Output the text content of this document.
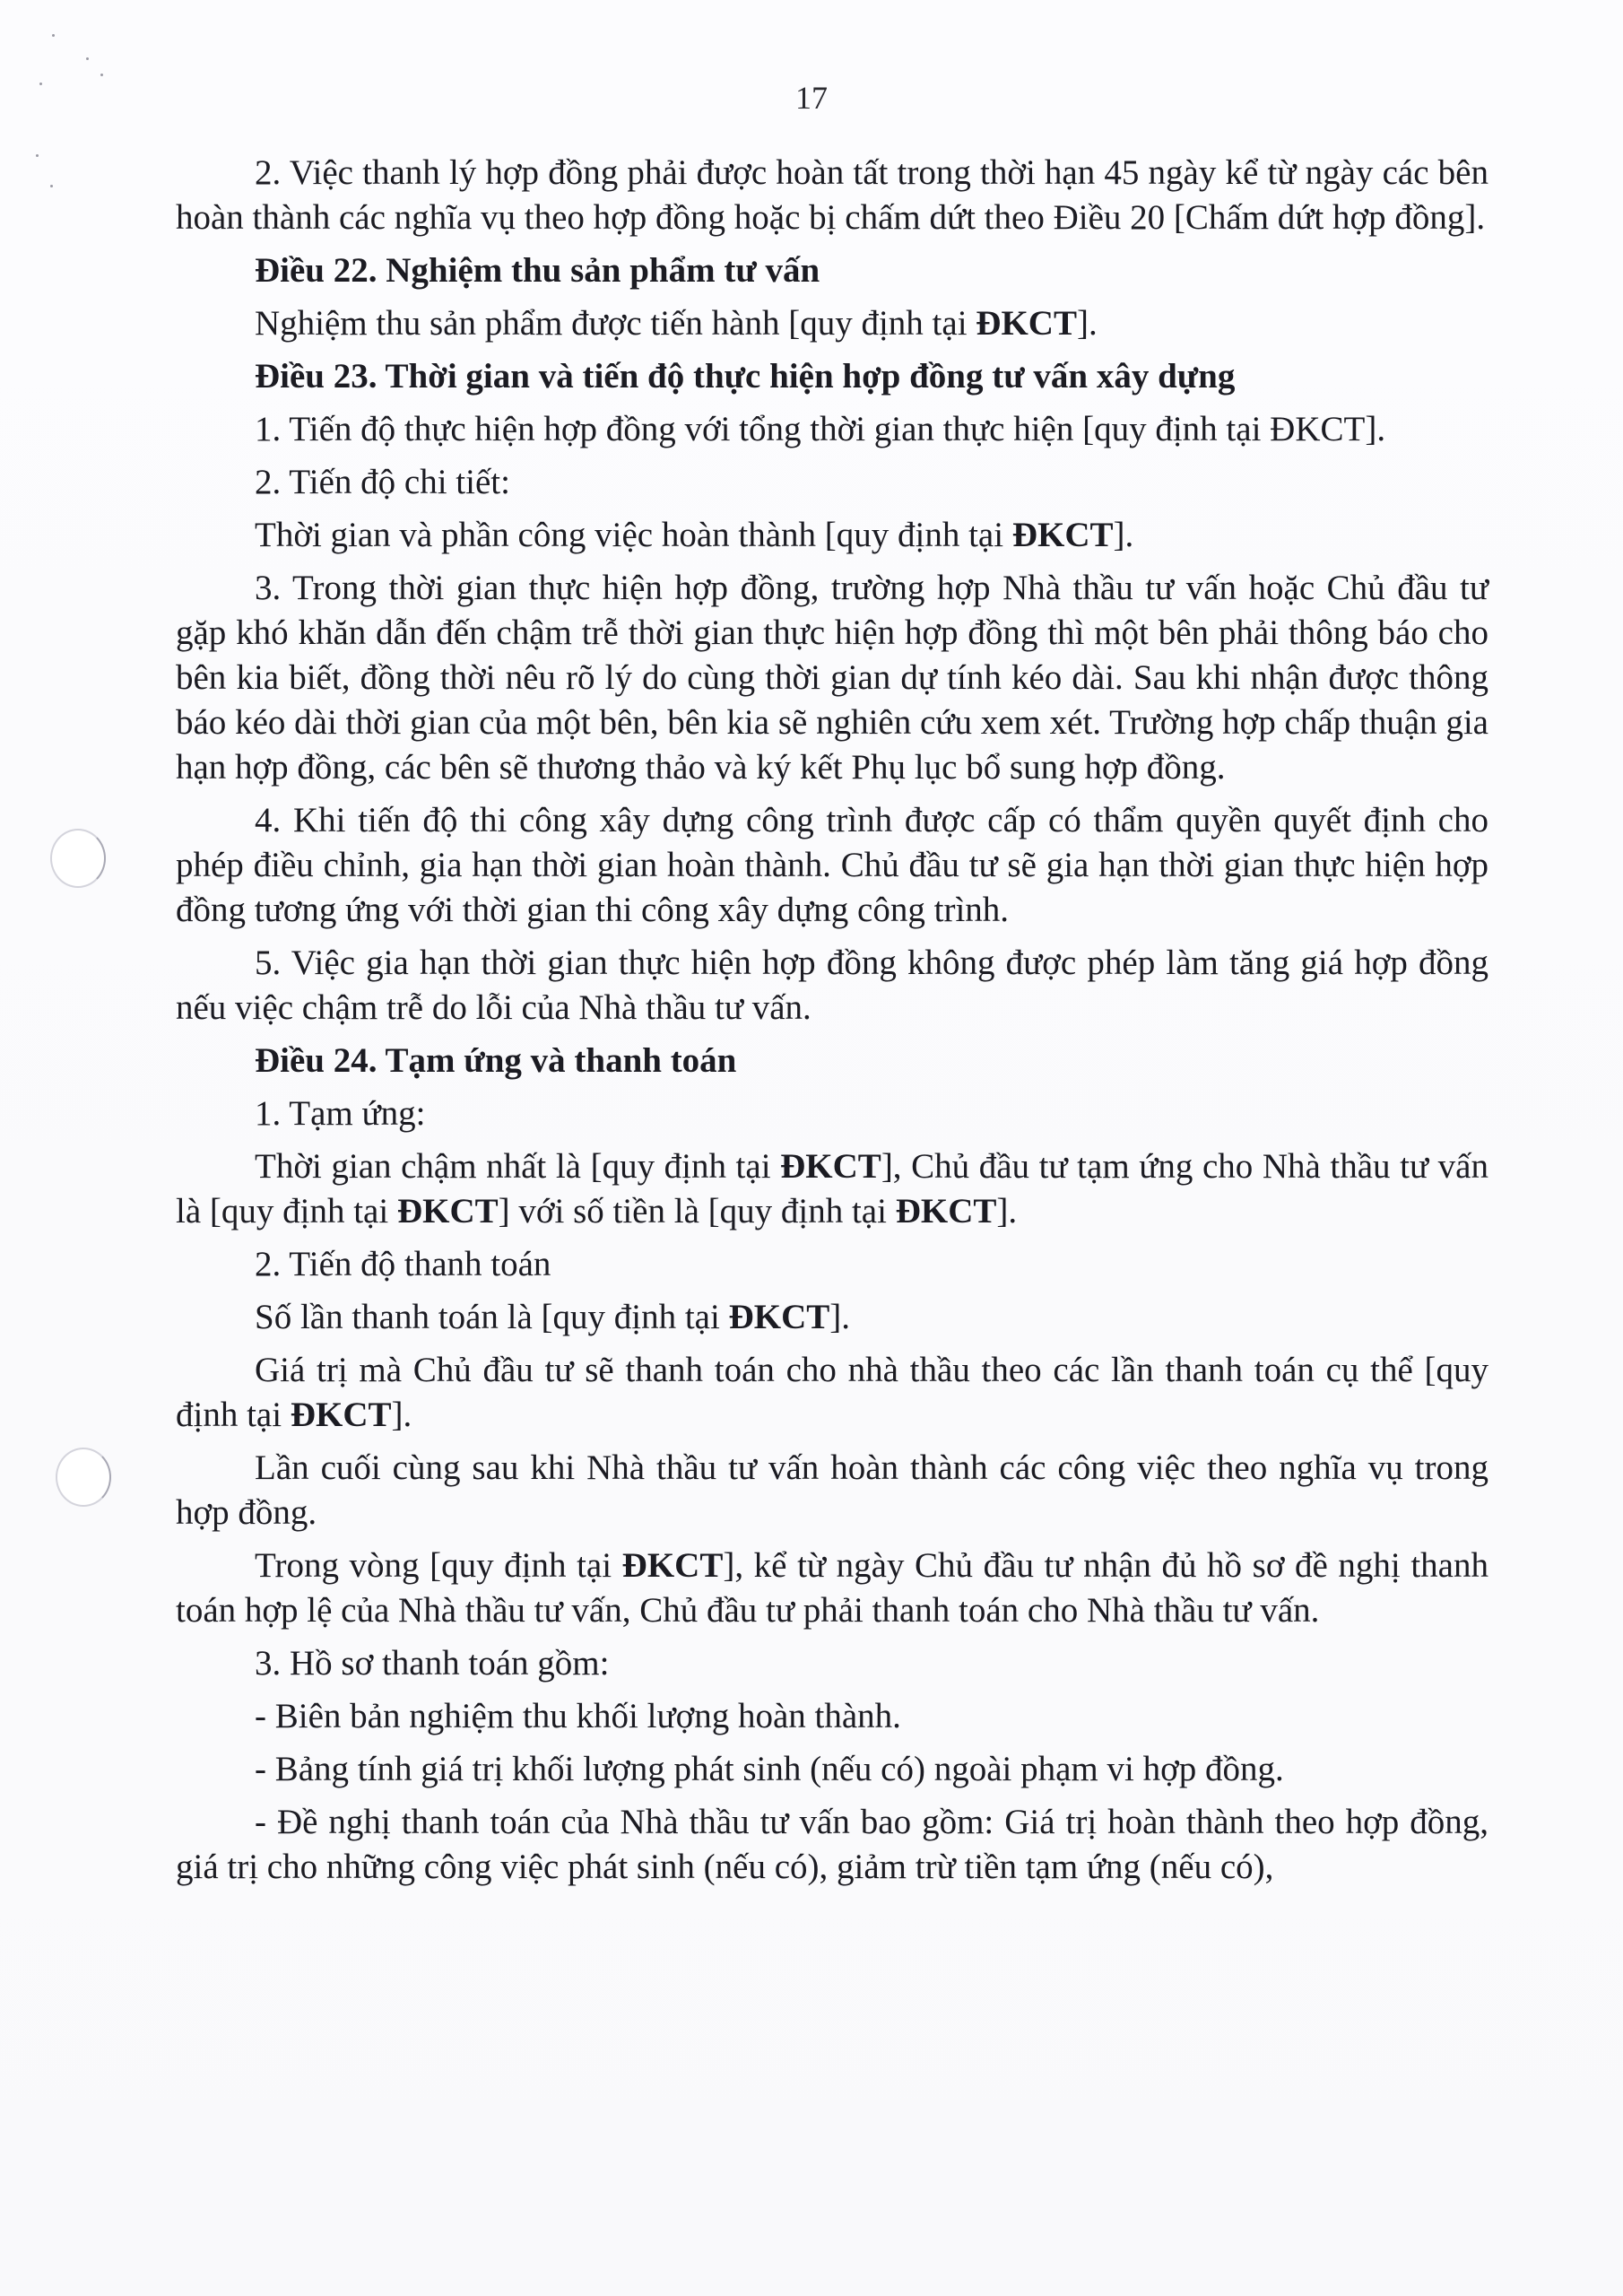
17

2. Việc thanh lý hợp đồng phải được hoàn tất trong thời hạn 45 ngày kể từ ngày các bên hoàn thành các nghĩa vụ theo hợp đồng hoặc bị chấm dứt theo Điều 20 [Chấm dứt hợp đồng].

Điều 22. Nghiệm thu sản phẩm tư vấn

Nghiệm thu sản phẩm được tiến hành [quy định tại ĐKCT].

Điều 23. Thời gian và tiến độ thực hiện hợp đồng tư vấn xây dựng

1. Tiến độ thực hiện hợp đồng với tổng thời gian thực hiện [quy định tại ĐKCT].

2. Tiến độ chi tiết:

Thời gian và phần công việc hoàn thành [quy định tại ĐKCT].

3. Trong thời gian thực hiện hợp đồng, trường hợp Nhà thầu tư vấn hoặc Chủ đầu tư gặp khó khăn dẫn đến chậm trễ thời gian thực hiện hợp đồng thì một bên phải thông báo cho bên kia biết, đồng thời nêu rõ lý do cùng thời gian dự tính kéo dài. Sau khi nhận được thông báo kéo dài thời gian của một bên, bên kia sẽ nghiên cứu xem xét. Trường hợp chấp thuận gia hạn hợp đồng, các bên sẽ thương thảo và ký kết Phụ lục bổ sung hợp đồng.

4. Khi tiến độ thi công xây dựng công trình được cấp có thẩm quyền quyết định cho phép điều chỉnh, gia hạn thời gian hoàn thành. Chủ đầu tư sẽ gia hạn thời gian thực hiện hợp đồng tương ứng với thời gian thi công xây dựng công trình.

5. Việc gia hạn thời gian thực hiện hợp đồng không được phép làm tăng giá hợp đồng nếu việc chậm trễ do lỗi của Nhà thầu tư vấn.

Điều 24. Tạm ứng và thanh toán

1. Tạm ứng:

Thời gian chậm nhất là [quy định tại ĐKCT], Chủ đầu tư tạm ứng cho Nhà thầu tư vấn là [quy định tại ĐKCT] với số tiền là [quy định tại ĐKCT].

2. Tiến độ thanh toán

Số lần thanh toán là [quy định tại ĐKCT].

Giá trị mà Chủ đầu tư sẽ thanh toán cho nhà thầu theo các lần thanh toán cụ thể [quy định tại ĐKCT].

Lần cuối cùng sau khi Nhà thầu tư vấn hoàn thành các công việc theo nghĩa vụ trong hợp đồng.

Trong vòng [quy định tại ĐKCT], kể từ ngày Chủ đầu tư nhận đủ hồ sơ đề nghị thanh toán hợp lệ của Nhà thầu tư vấn, Chủ đầu tư phải thanh toán cho Nhà thầu tư vấn.

3. Hồ sơ thanh toán gồm:

- Biên bản nghiệm thu khối lượng hoàn thành.

- Bảng tính giá trị khối lượng phát sinh (nếu có) ngoài phạm vi hợp đồng.

- Đề nghị thanh toán của Nhà thầu tư vấn bao gồm: Giá trị hoàn thành theo hợp đồng, giá trị cho những công việc phát sinh (nếu có), giảm trừ tiền tạm ứng (nếu có),
